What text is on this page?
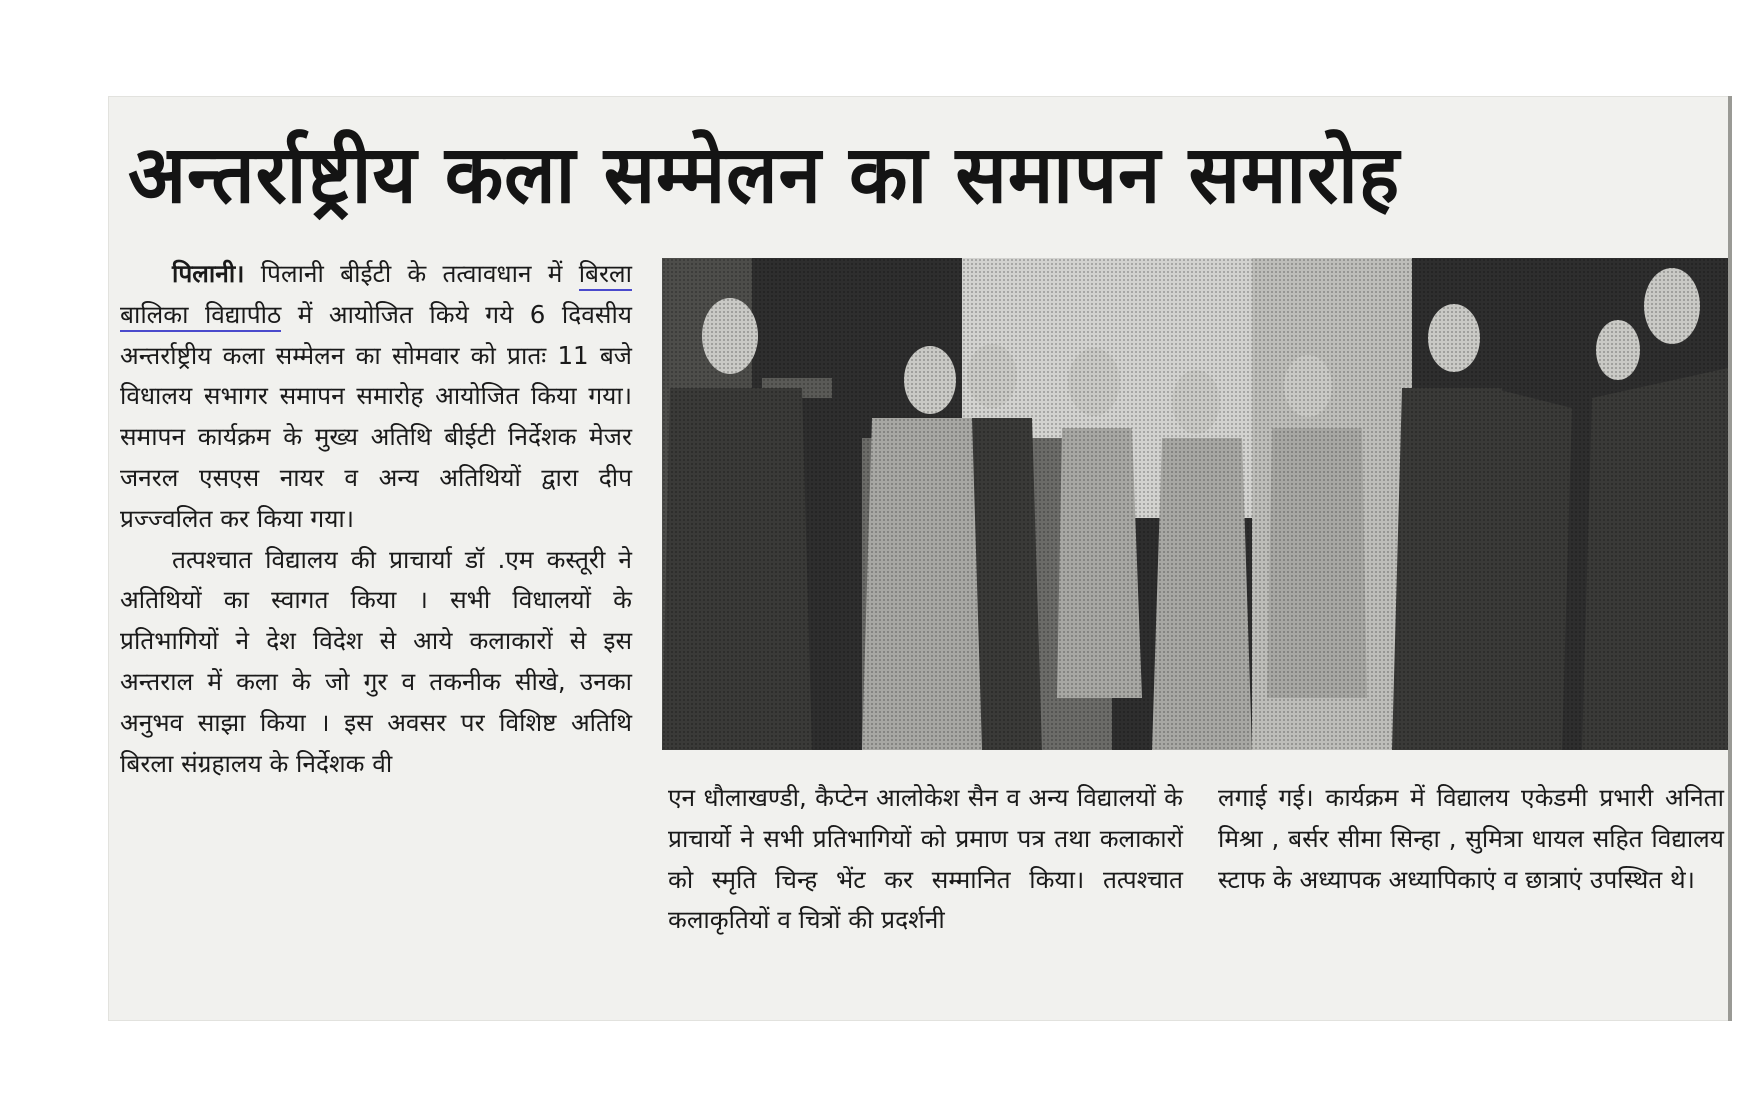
अन्तर्राष्ट्रीय कला सम्मेलन का समापन समारोह

पिलानी। पिलानी बीईटी के तत्वावधान में बिरला बालिका विद्यापीठ में आयोजित किये गये 6 दिवसीय अन्तर्राष्ट्रीय कला सम्मेलन का सोमवार को प्रातः 11 बजे विधालय सभागर समापन समारोह आयोजित किया गया। समापन कार्यक्रम के मुख्य अतिथि बीईटी निर्देशक मेजर जनरल एसएस नायर व अन्य अतिथियों द्वारा दीप प्रज्ज्वलित कर किया गया।

तत्पश्चात विद्यालय की प्राचार्या डॉ .एम कस्तूरी ने अतिथियों का स्वागत किया । सभी विधालयों के प्रतिभागियों ने देश विदेश से आये कलाकारों से इस अन्तराल में कला के जो गुर व तकनीक सीखे, उनका अनुभव साझा किया । इस अवसर पर विशिष्ट अतिथि बिरला संग्रहालय के निर्देशक वी

एन धौलाखण्डी, कैप्टेन आलोकेश सैन व अन्य विद्यालयों के प्राचार्यो ने सभी प्रतिभागियों को प्रमाण पत्र तथा कलाकारों को स्मृति चिन्ह भेंट कर सम्मानित किया। तत्पश्चात कलाकृतियों व चित्रों की प्रदर्शनी

लगाई गई। कार्यक्रम में विद्यालय एकेडमी प्रभारी अनिता मिश्रा , बर्सर सीमा सिन्हा , सुमित्रा धायल सहित विद्यालय स्टाफ के अध्यापक अध्यापिकाएं व छात्राएं उपस्थित थे।
